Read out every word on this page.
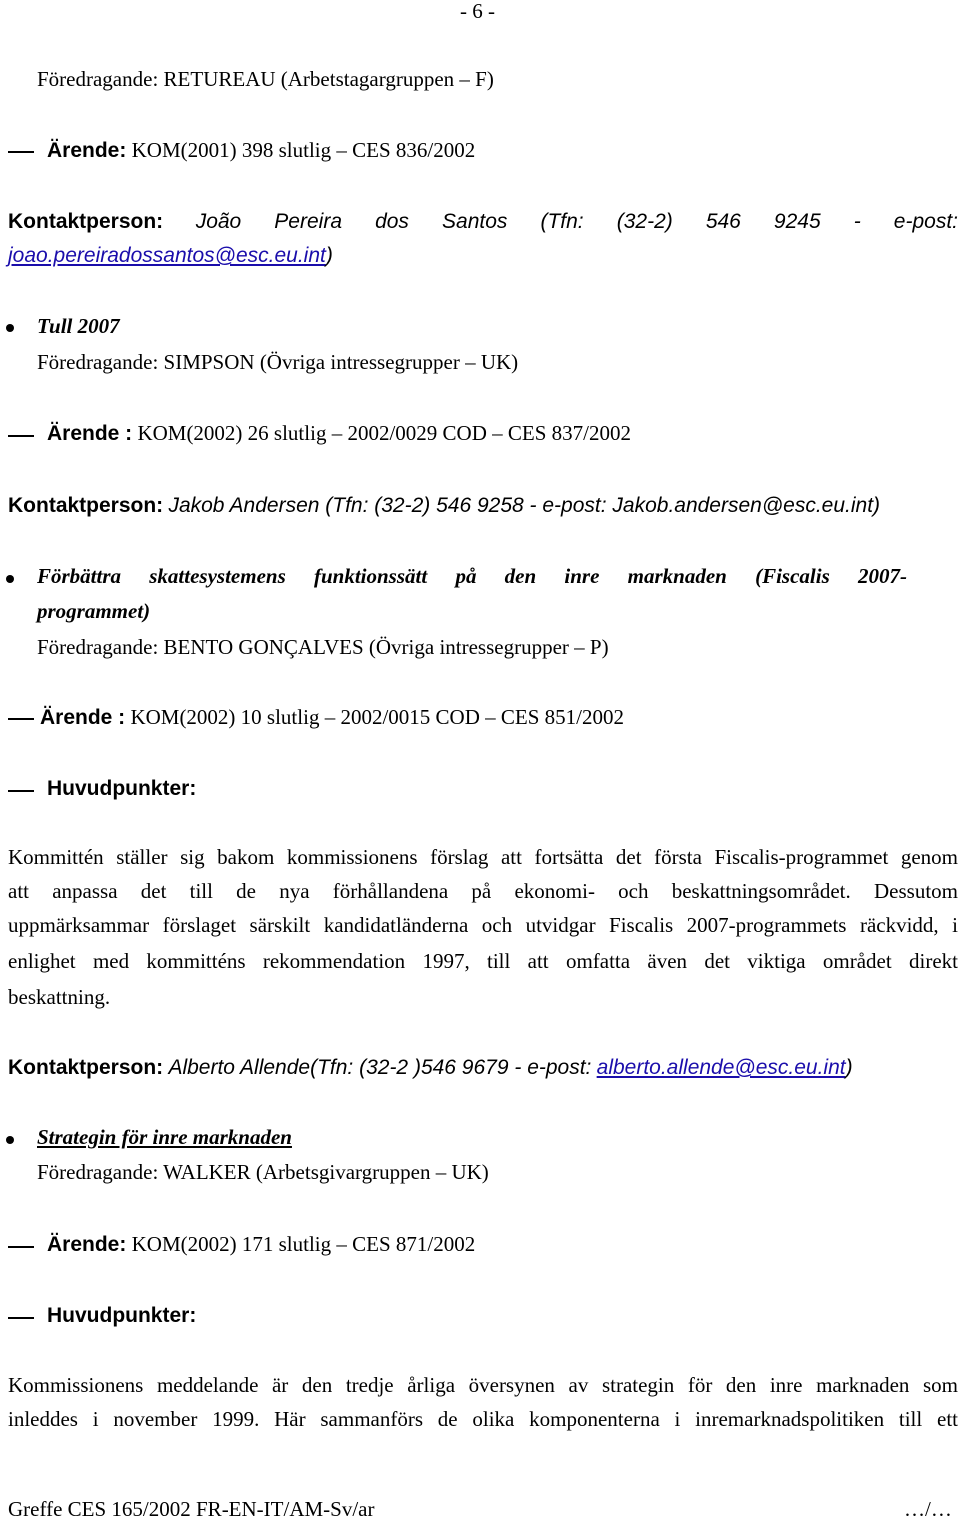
- 6 -
Föredragande: RETUREAU (Arbetstagargruppen – F)
Ärende: KOM(2001) 398 slutlig – CES 836/2002
Kontaktperson: João Pereira dos Santos (Tfn: (32-2) 546 9245 - e-post:
joao.pereiradossantos@esc.eu.int)
Tull 2007
Föredragande: SIMPSON (Övriga intressegrupper – UK)
Ärende : KOM(2002) 26 slutlig – 2002/0029 COD – CES 837/2002
Kontaktperson: Jakob Andersen (Tfn: (32-2) 546 9258 - e-post: Jakob.andersen@esc.eu.int)
Förbättra skattesystemens funktionssätt på den inre marknaden (Fiscalis 2007-
programmet)
Föredragande: BENTO GONÇALVES (Övriga intressegrupper – P)
Ärende : KOM(2002) 10 slutlig – 2002/0015 COD – CES 851/2002
Huvudpunkter:
Kommittén ställer sig bakom kommissionens förslag att fortsätta det första Fiscalis-programmet genom
att anpassa det till de nya förhållandena på ekonomi- och beskattningsområdet. Dessutom
uppmärksammar förslaget särskilt kandidatländerna och utvidgar Fiscalis 2007-programmets räckvidd, i
enlighet med kommitténs rekommendation 1997, till att omfatta även det viktiga området direkt
beskattning.
Kontaktperson: Alberto Allende(Tfn: (32-2 )546 9679 - e-post: alberto.allende@esc.eu.int)
Strategin för inre marknaden
Föredragande: WALKER (Arbetsgivargruppen – UK)
Ärende: KOM(2002) 171 slutlig – CES 871/2002
Huvudpunkter:
Kommissionens meddelande är den tredje årliga översynen av strategin för den inre marknaden som
inleddes i november 1999. Här sammanförs de olika komponenterna i inremarknadspolitiken till ett
Greffe CES 165/2002 FR-EN-IT/AM-Sv/ar	…/…
